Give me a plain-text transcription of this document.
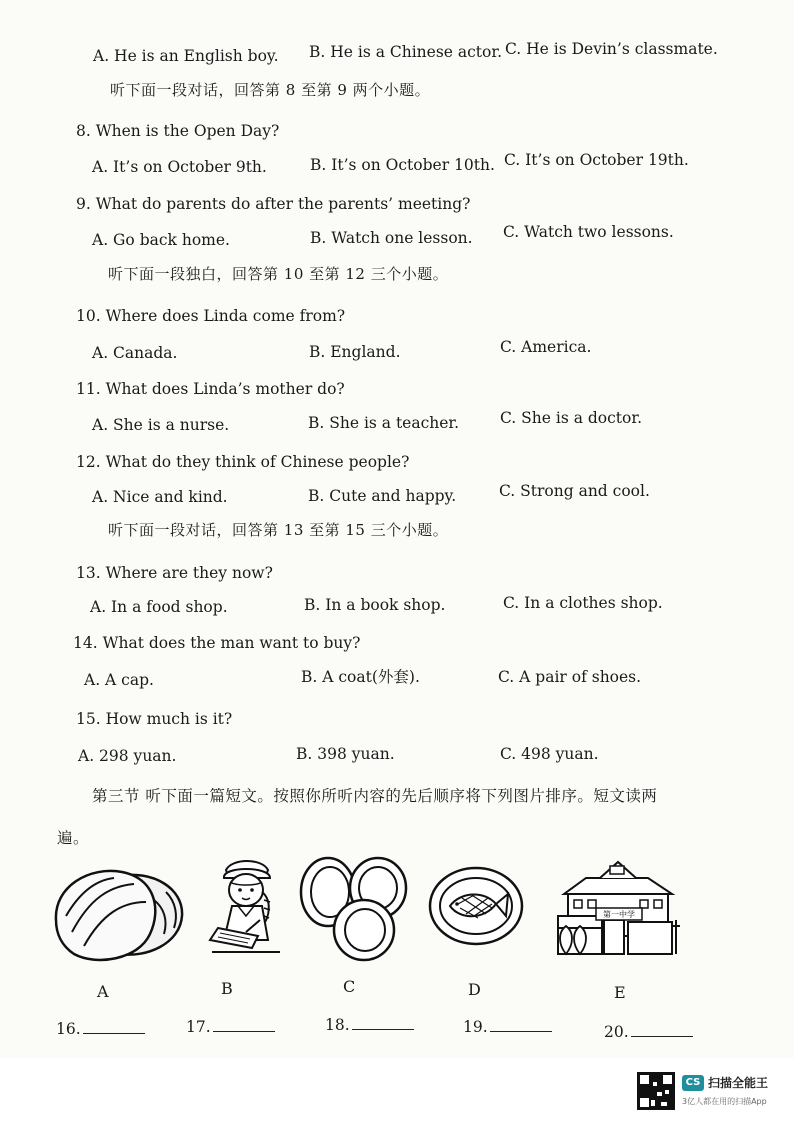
A. He is an English boy. B. He is a Chinese actor. C. He is Devin’s classmate.
听下面一段对话，回答第 8 至第 9 两个小题。
8. When is the Open Day?
A. It’s on October 9th.	B. It’s on October 10th. C. It’s on October 19th.
9. What do parents do after the parents’ meeting?
A. Go back home.	B. Watch one lesson. C. Watch two lessons.
听下面一段独白，回答第 10 至第 12 三个小题。
10. Where does Linda come from?
A. Canada.	B. England.	C. America.
11. What does Linda’s mother do?
A. She is a nurse.	B. She is a teacher.	C. She is a doctor.
12. What do they think of Chinese people?
A. Nice and kind.	B. Cute and happy.	C. Strong and cool.
听下面一段对话，回答第 13 至第 15 三个小题。
13. Where are they now?
A. In a food shop.	B. In a book shop.	C. In a clothes shop.
14. What does the man want to buy?
A. A cap.	B. A coat(外套).	C. A pair of shoes.
15. How much is it?
A. 298 yuan.	B. 398 yuan.	C. 498 yuan.
第三节 听下面一篇短文。按照你所听内容的先后顺序将下列图片排序。短文读两
遍。
第一中学
A	B	C	D	E
16.	17.	18.	19.	20.
CS 扫描全能王
3亿人都在用的扫描App
